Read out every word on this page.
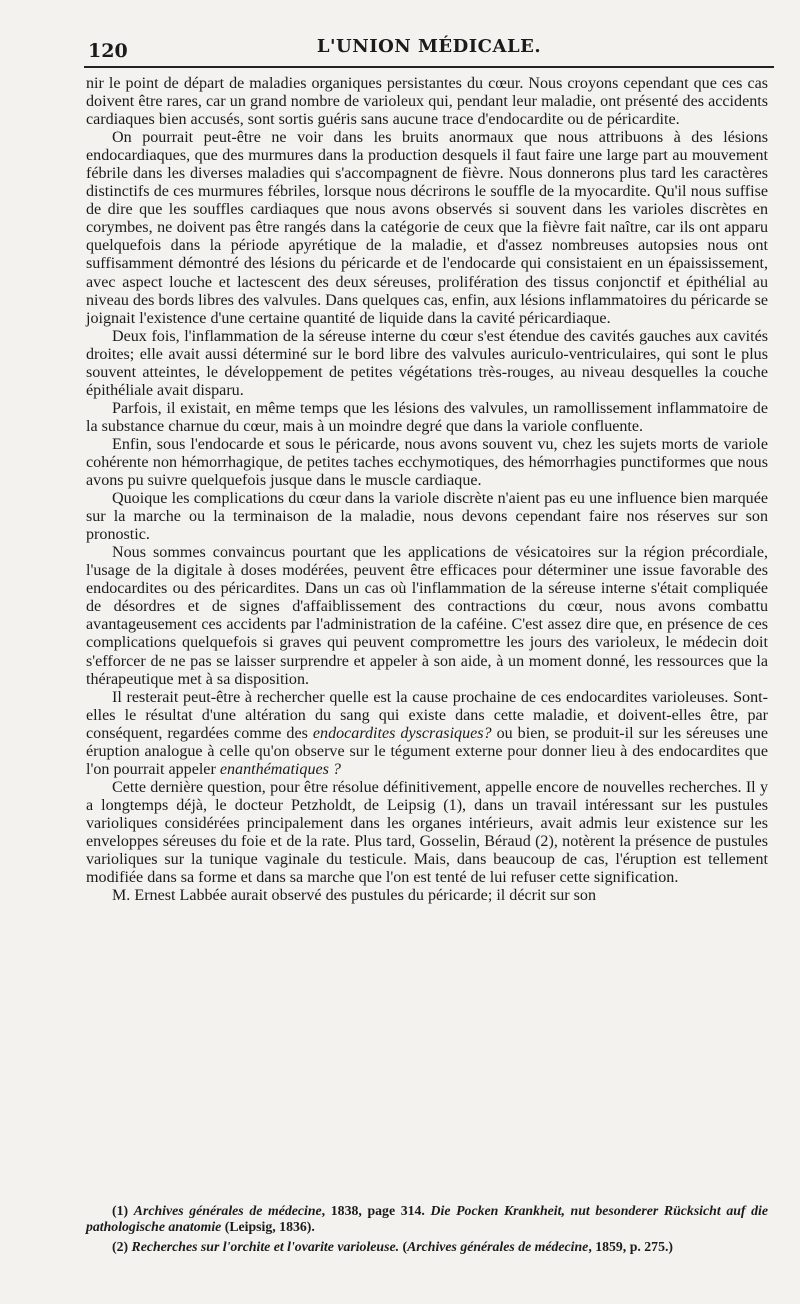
120	L'UNION MÉDICALE.

nir le point de départ de maladies organiques persistantes du cœur. Nous croyons cependant que ces cas doivent être rares, car un grand nombre de varioleux qui, pendant leur maladie, ont présenté des accidents cardiaques bien accusés, sont sortis guéris sans aucune trace d'endocardite ou de péricardite.

On pourrait peut-être ne voir dans les bruits anormaux que nous attribuons à des lésions endocardiaques, que des murmures dans la production desquels il faut faire une large part au mouvement fébrile dans les diverses maladies qui s'accompagnent de fièvre. Nous donnerons plus tard les caractères distinctifs de ces murmures fébriles, lorsque nous décrirons le souffle de la myocardite. Qu'il nous suffise de dire que les souffles cardiaques que nous avons observés si souvent dans les varioles discrètes en corymbes, ne doivent pas être rangés dans la catégorie de ceux que la fièvre fait naître, car ils ont apparu quelquefois dans la période apyrétique de la maladie, et d'assez nombreuses autopsies nous ont suffisamment démontré des lésions du péricarde et de l'endocarde qui consistaient en un épaississement, avec aspect louche et lactescent des deux séreuses, prolifération des tissus conjonctif et épithélial au niveau des bords libres des valvules. Dans quelques cas, enfin, aux lésions inflammatoires du péricarde se joignait l'existence d'une certaine quantité de liquide dans la cavité péricardiaque.

Deux fois, l'inflammation de la séreuse interne du cœur s'est étendue des cavités gauches aux cavités droites; elle avait aussi déterminé sur le bord libre des valvules auriculo-ventriculaires, qui sont le plus souvent atteintes, le développement de petites végétations très-rouges, au niveau desquelles la couche épithéliale avait disparu.

Parfois, il existait, en même temps que les lésions des valvules, un ramollissement inflammatoire de la substance charnue du cœur, mais à un moindre degré que dans la variole confluente.

Enfin, sous l'endocarde et sous le péricarde, nous avons souvent vu, chez les sujets morts de variole cohérente non hémorrhagique, de petites taches ecchymotiques, des hémorrhagies punctiformes que nous avons pu suivre quelquefois jusque dans le muscle cardiaque.

Quoique les complications du cœur dans la variole discrète n'aient pas eu une influence bien marquée sur la marche ou la terminaison de la maladie, nous devons cependant faire nos réserves sur son pronostic.

Nous sommes convaincus pourtant que les applications de vésicatoires sur la région précordiale, l'usage de la digitale à doses modérées, peuvent être efficaces pour déterminer une issue favorable des endocardites ou des péricardites. Dans un cas où l'inflammation de la séreuse interne s'était compliquée de désordres et de signes d'affaiblissement des contractions du cœur, nous avons combattu avantageusement ces accidents par l'administration de la caféine. C'est assez dire que, en présence de ces complications quelquefois si graves qui peuvent compromettre les jours des varioleux, le médecin doit s'efforcer de ne pas se laisser surprendre et appeler à son aide, à un moment donné, les ressources que la thérapeutique met à sa disposition.

Il resterait peut-être à rechercher quelle est la cause prochaine de ces endocardites varioleuses. Sont-elles le résultat d'une altération du sang qui existe dans cette maladie, et doivent-elles être, par conséquent, regardées comme des endocardites dyscrasiques? ou bien, se produit-il sur les séreuses une éruption analogue à celle qu'on observe sur le tégument externe pour donner lieu à des endocardites que l'on pourrait appeler enanthématiques ?

Cette dernière question, pour être résolue définitivement, appelle encore de nouvelles recherches. Il y a longtemps déjà, le docteur Petzholdt, de Leipsig (1), dans un travail intéressant sur les pustules varioliques considérées principalement dans les organes intérieurs, avait admis leur existence sur les enveloppes séreuses du foie et de la rate. Plus tard, Gosselin, Béraud (2), notèrent la présence de pustules varioliques sur la tunique vaginale du testicule. Mais, dans beaucoup de cas, l'éruption est tellement modifiée dans sa forme et dans sa marche que l'on est tenté de lui refuser cette signification.

M. Ernest Labbée aurait observé des pustules du péricarde; il décrit sur son

(1) Archives générales de médecine, 1838, page 314. Die Pocken Krankheit, nut besonderer Rücksicht auf die pathologische anatomie (Leipsig, 1836).

(2) Recherches sur l'orchite et l'ovarite varioleuse. (Archives générales de médecine, 1859, p. 275.)
